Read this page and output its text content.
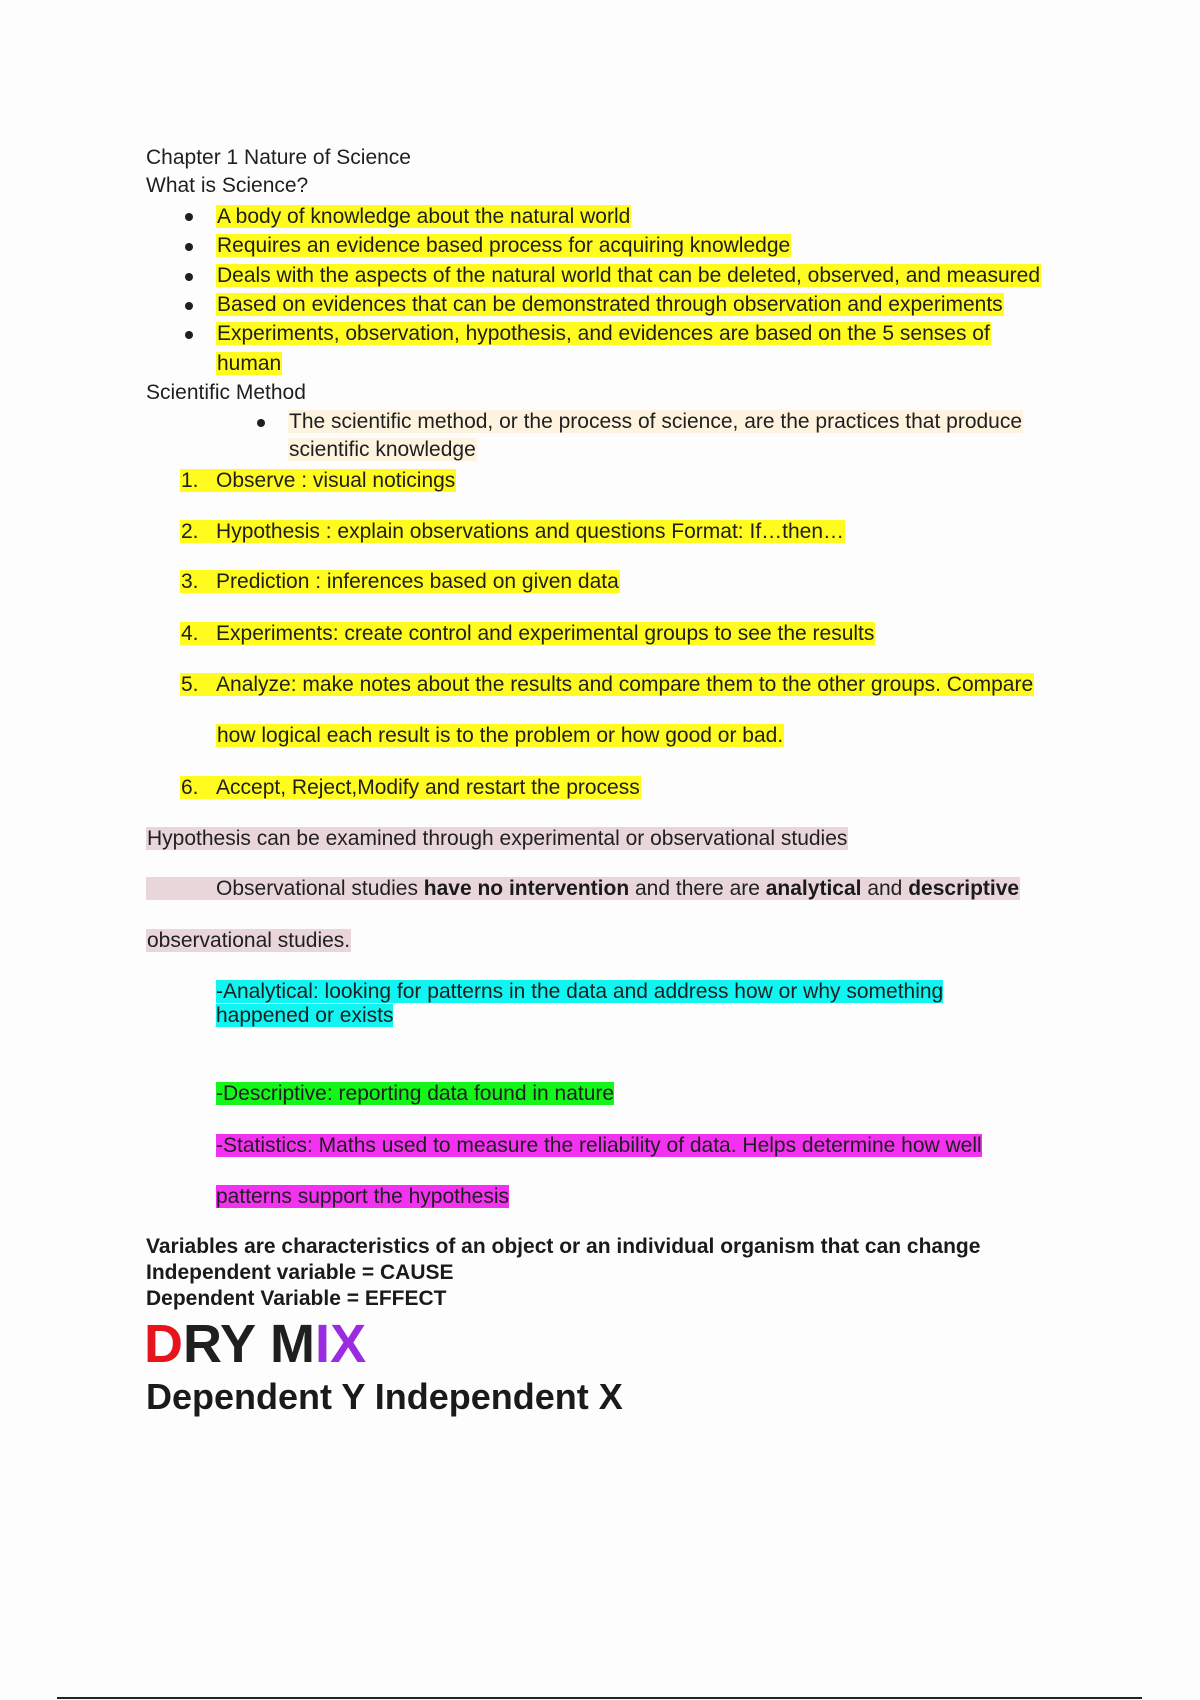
Chapter 1 Nature of Science
What is Science?
A body of knowledge about the natural world
Requires an evidence based process for acquiring knowledge
Deals with the aspects of the natural world that can be deleted, observed, and measured
Based on evidences that can be demonstrated through observation and experiments
Experiments, observation, hypothesis, and evidences are based on the 5 senses of
human
Scientific Method
The scientific method, or the process of science, are the practices that produce
scientific knowledge
1. Observe : visual noticings
2. Hypothesis : explain observations and questions Format: If…then…
3. Prediction : inferences based on given data
4. Experiments: create control and experimental groups to see the results
5. Analyze: make notes about the results and compare them to the other groups. Compare
how logical each result is to the problem or how good or bad.
6. Accept, Reject,Modify and restart the process
Hypothesis can be examined through experimental or observational studies
Observational studies have no intervention and there are analytical and descriptive
observational studies.
-Analytical: looking for patterns in the data and address how or why something
happened or exists
-Descriptive: reporting data found in nature
-Statistics: Maths used to measure the reliability of data. Helps determine how well
patterns support the hypothesis
Variables are characteristics of an object or an individual organism that can change
Independent variable = CAUSE
Dependent Variable = EFFECT
DRY MIX
Dependent Y Independent X
